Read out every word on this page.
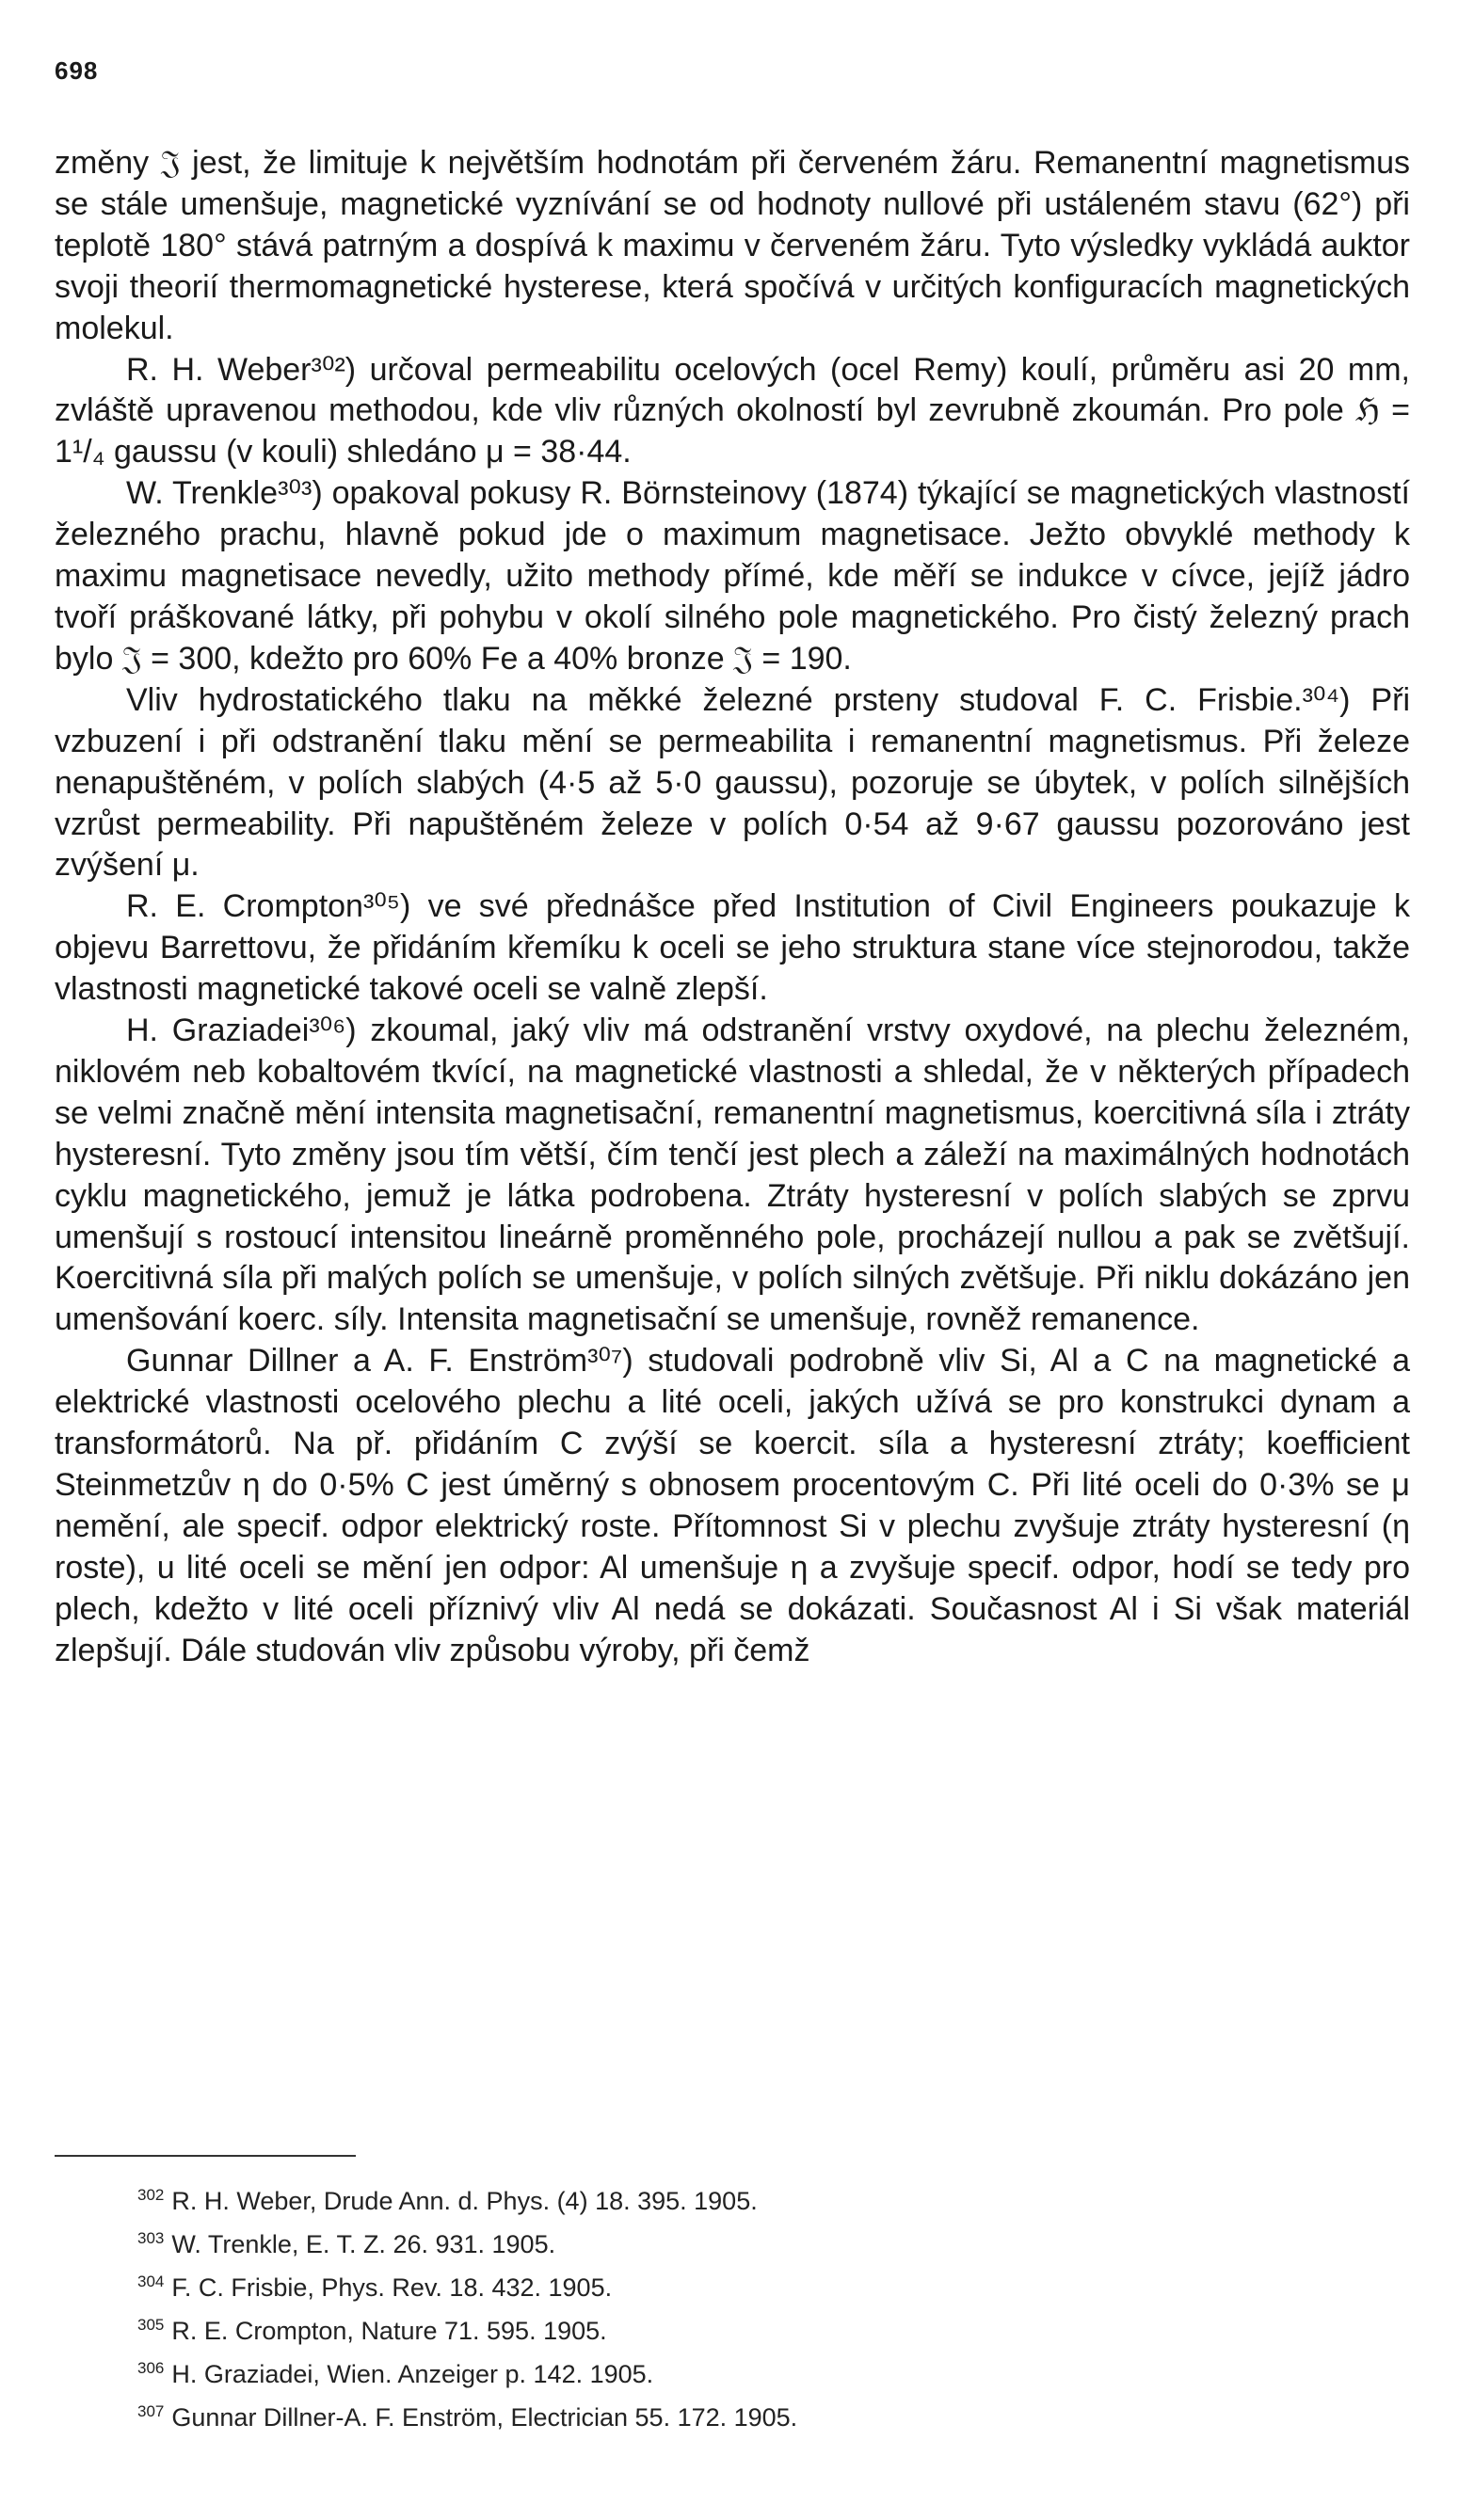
698

změny 𝔍 jest, že limituje k největším hodnotám při červeném žáru. Remanentní magnetismus se stále umenšuje, magnetické vyznívání se od hodnoty nullové při ustáleném stavu (62°) při teplotě 180° stává patrným a dospívá k maximu v červeném žáru. Tyto výsledky vykládá auktor svoji theorií thermomagnetické hysterese, která spočívá v určitých konfiguracích magnetických molekul.

R. H. Weber³⁰²) určoval permeabilitu ocelových (ocel Remy) koulí, průměru asi 20 mm, zvláště upravenou methodou, kde vliv různých okolností byl zevrubně zkoumán. Pro pole ℌ = 1¹/₄ gaussu (v kouli) shledáno μ = 38·44.

W. Trenkle³⁰³) opakoval pokusy R. Börnsteinovy (1874) týkající se magnetických vlastností železného prachu, hlavně pokud jde o maximum magnetisace. Ježto obvyklé methody k maximu magnetisace nevedly, užito methody přímé, kde měří se indukce v cívce, jejíž jádro tvoří práškované látky, při pohybu v okolí silného pole magnetického. Pro čistý železný prach bylo 𝔍 = 300, kdežto pro 60% Fe a 40% bronze 𝔍 = 190.

Vliv hydrostatického tlaku na měkké železné prsteny studoval F. C. Frisbie.³⁰⁴) Při vzbuzení i při odstranění tlaku mění se permeabilita i remanentní magnetismus. Při železe nenapuštěném, v polích slabých (4·5 až 5·0 gaussu), pozoruje se úbytek, v polích silnějších vzrůst permeability. Při napuštěném železe v polích 0·54 až 9·67 gaussu pozorováno jest zvýšení μ.

R. E. Crompton³⁰⁵) ve své přednášce před Institution of Civil Engineers poukazuje k objevu Barrettovu, že přidáním křemíku k oceli se jeho struktura stane více stejnorodou, takže vlastnosti magnetické takové oceli se valně zlepší.

H. Graziadei³⁰⁶) zkoumal, jaký vliv má odstranění vrstvy oxydové, na plechu železném, niklovém neb kobaltovém tkvící, na magnetické vlastnosti a shledal, že v některých případech se velmi značně mění intensita magnetisační, remanentní magnetismus, koercitivná síla i ztráty hysteresní. Tyto změny jsou tím větší, čím tenčí jest plech a záleží na maximálných hodnotách cyklu magnetického, jemuž je látka podrobena. Ztráty hysteresní v polích slabých se zprvu umenšují s rostoucí intensitou lineárně proměnného pole, procházejí nullou a pak se zvětšují. Koercitivná síla při malých polích se umenšuje, v polích silných zvětšuje. Při niklu dokázáno jen umenšování koerc. síly. Intensita magnetisační se umenšuje, rovněž remanence.

Gunnar Dillner a A. F. Enström³⁰⁷) studovali podrobně vliv Si, Al a C na magnetické a elektrické vlastnosti ocelového plechu a lité oceli, jakých užívá se pro konstrukci dynam a transformátorů. Na př. přidáním C zvýší se koercit. síla a hysteresní ztráty; koefficient Steinmetzův η do 0·5% C jest úměrný s obnosem procentovým C. Při lité oceli do 0·3% se μ nemění, ale specif. odpor elektrický roste. Přítomnost Si v plechu zvyšuje ztráty hysteresní (η roste), u lité oceli se mění jen odpor: Al umenšuje η a zvyšuje specif. odpor, hodí se tedy pro plech, kdežto v lité oceli příznivý vliv Al nedá se dokázati. Současnost Al i Si však materiál zlepšují. Dále studován vliv způsobu výroby, při čemž

$^{302}$ R. H. Weber, Drude Ann. d. Phys. (4) 18. 395. 1905.
$^{303}$ W. Trenkle, E. T. Z. 26. 931. 1905.
$^{304}$ F. C. Frisbie, Phys. Rev. 18. 432. 1905.
$^{305}$ R. E. Crompton, Nature 71. 595. 1905.
$^{306}$ H. Graziadei, Wien. Anzeiger p. 142. 1905.
$^{307}$ Gunnar Dillner-A. F. Enström, Electrician 55. 172. 1905.
